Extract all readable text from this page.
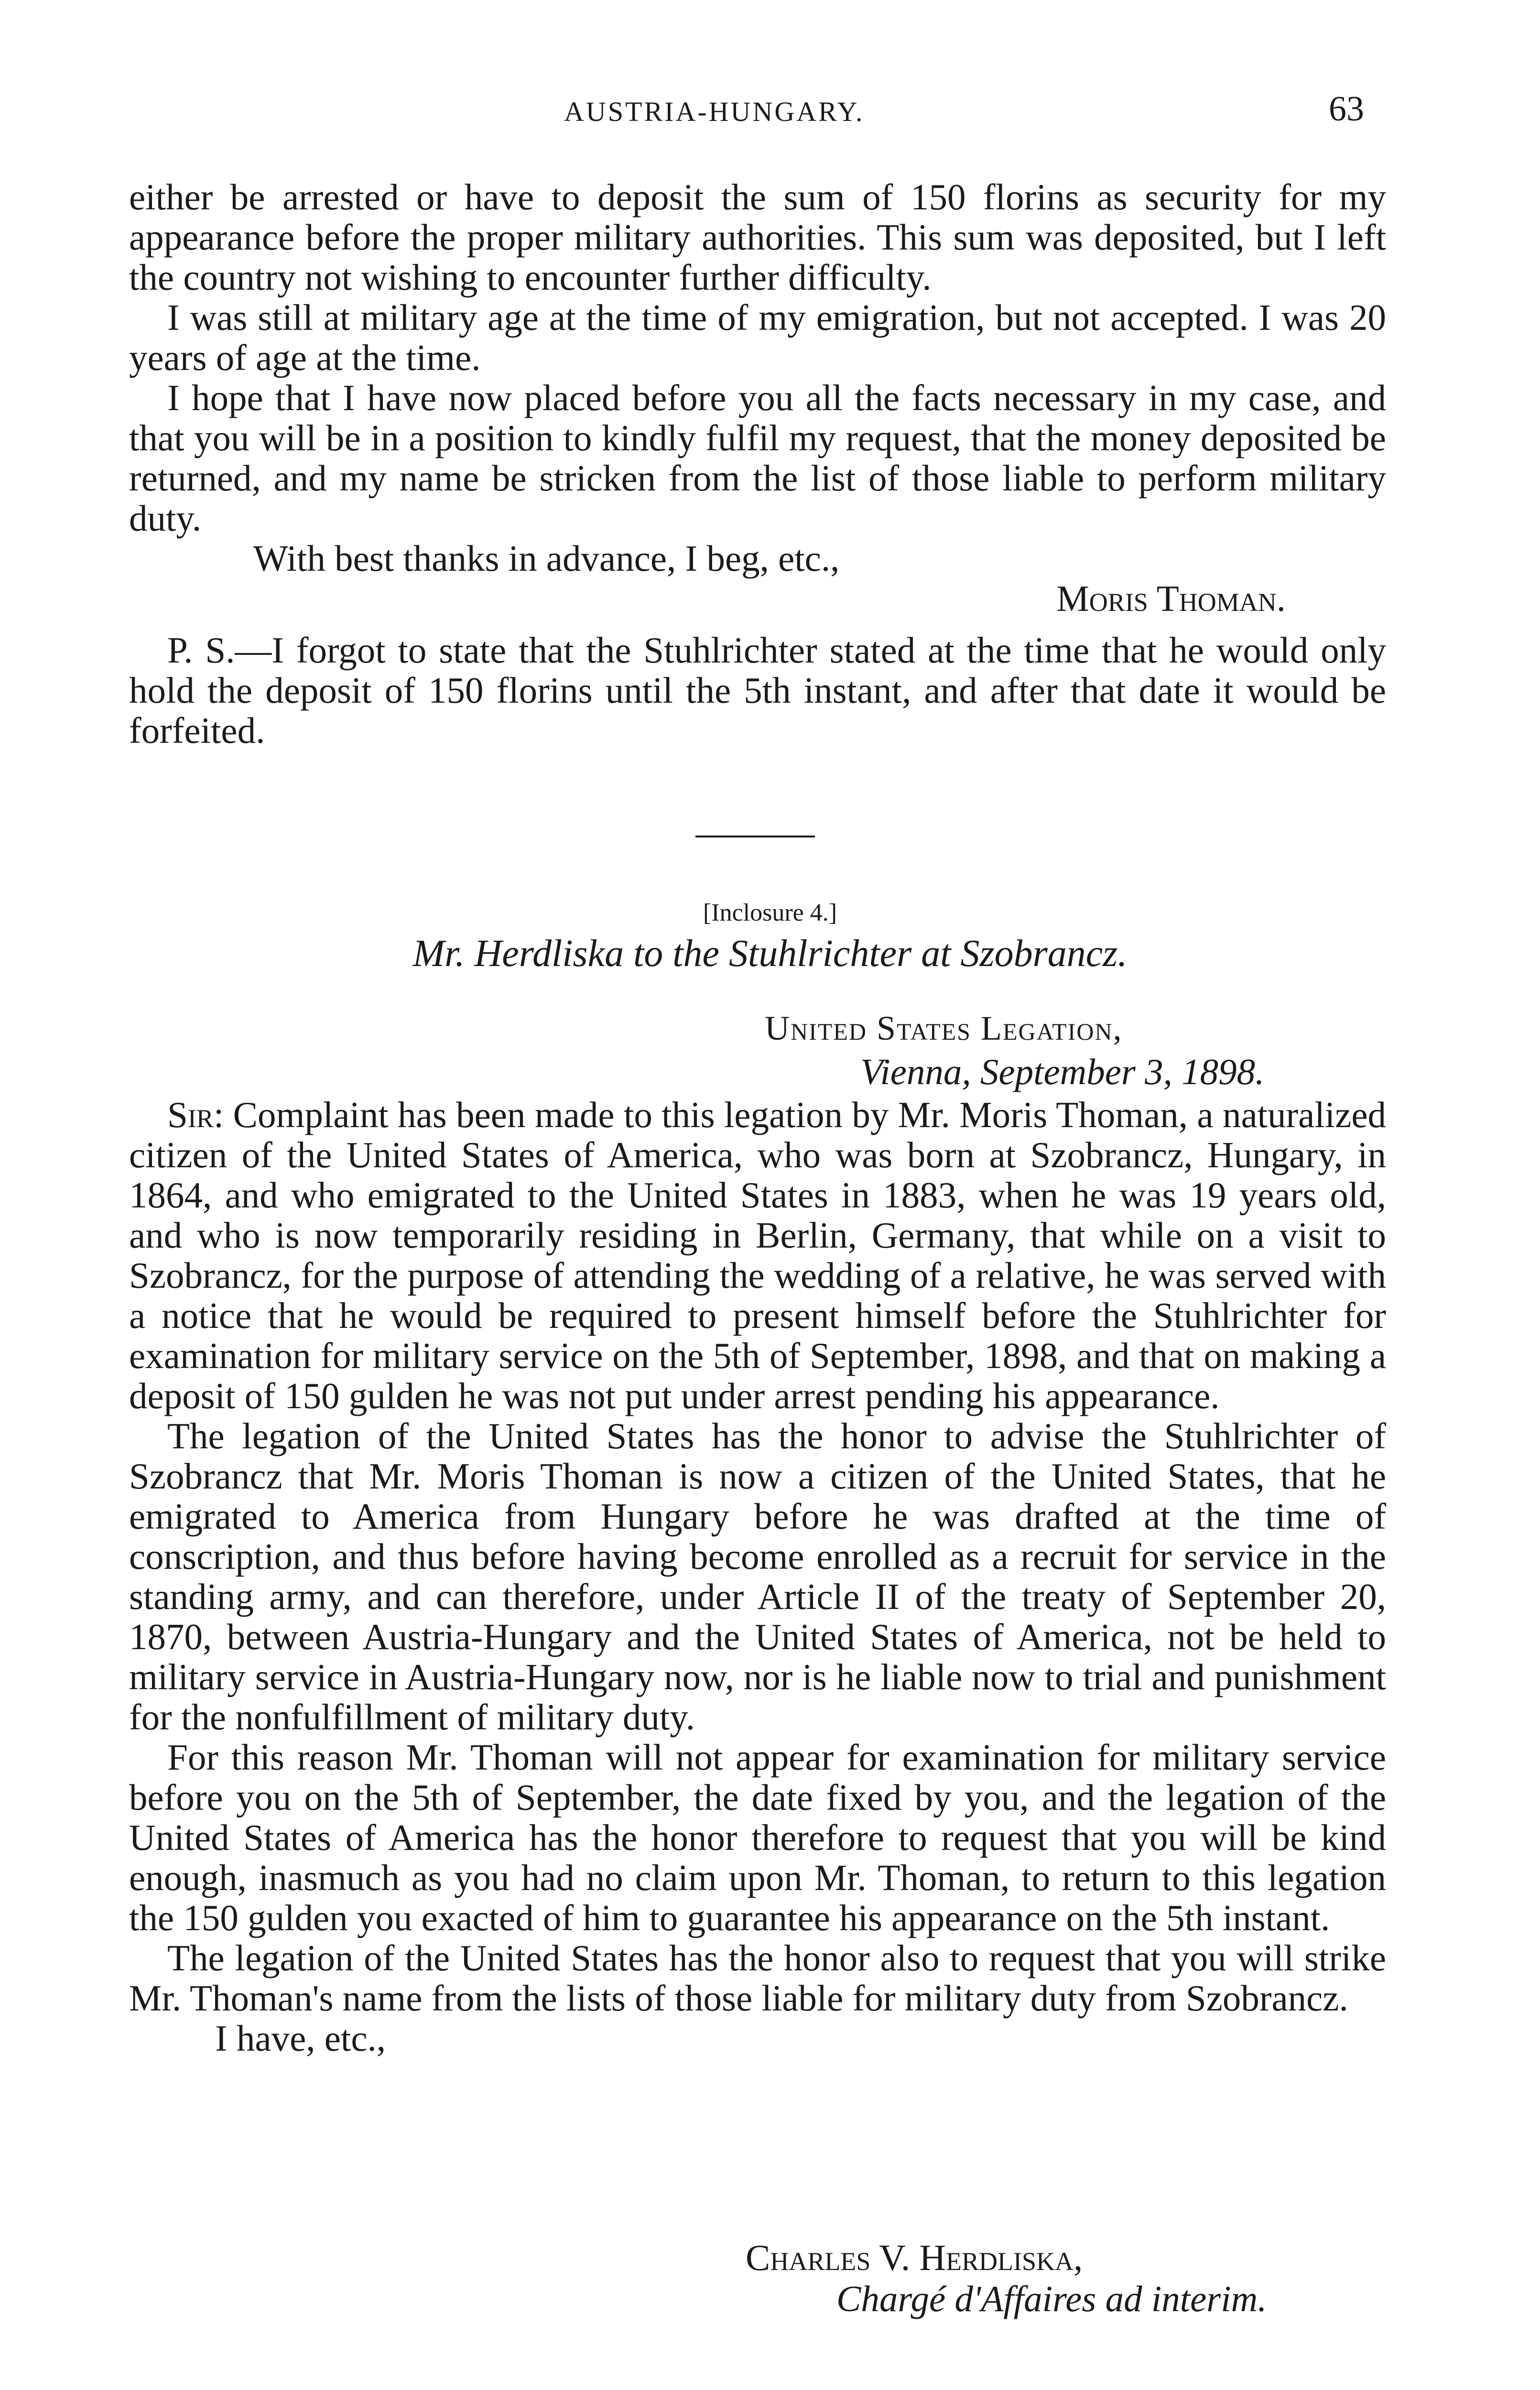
AUSTRIA-HUNGARY.	63

either be arrested or have to deposit the sum of 150 florins as security for my appearance before the proper military authorities. This sum was deposited, but I left the country not wishing to encounter further difficulty.

I was still at military age at the time of my emigration, but not accepted. I was 20 years of age at the time.

I hope that I have now placed before you all the facts necessary in my case, and that you will be in a position to kindly fulfil my request, that the money deposited be returned, and my name be stricken from the list of those liable to perform military duty.

With best thanks in advance, I beg, etc.,

Moris Thoman.

P. S.—I forgot to state that the Stuhlrichter stated at the time that he would only hold the deposit of 150 florins until the 5th instant, and after that date it would be forfeited.

[Inclosure 4.]
Mr. Herdliska to the Stuhlrichter at Szobrancz.
United States Legation,
Vienna, September 3, 1898.

Sir: Complaint has been made to this legation by Mr. Moris Thoman, a naturalized citizen of the United States of America, who was born at Szobrancz, Hungary, in 1864, and who emigrated to the United States in 1883, when he was 19 years old, and who is now temporarily residing in Berlin, Germany, that while on a visit to Szobrancz, for the purpose of attending the wedding of a relative, he was served with a notice that he would be required to present himself before the Stuhlrichter for examination for military service on the 5th of September, 1898, and that on making a deposit of 150 gulden he was not put under arrest pending his appearance.

The legation of the United States has the honor to advise the Stuhlrichter of Szobrancz that Mr. Moris Thoman is now a citizen of the United States, that he emigrated to America from Hungary before he was drafted at the time of conscription, and thus before having become enrolled as a recruit for service in the standing army, and can therefore, under Article II of the treaty of September 20, 1870, between Austria-Hungary and the United States of America, not be held to military service in Austria-Hungary now, nor is he liable now to trial and punishment for the nonfulfillment of military duty.

For this reason Mr. Thoman will not appear for examination for military service before you on the 5th of September, the date fixed by you, and the legation of the United States of America has the honor therefore to request that you will be kind enough, inasmuch as you had no claim upon Mr. Thoman, to return to this legation the 150 gulden you exacted of him to guarantee his appearance on the 5th instant.

The legation of the United States has the honor also to request that you will strike Mr. Thoman's name from the lists of those liable for military duty from Szobrancz.

I have, etc.,

Charles V. Herdliska,
Chargé d'Affaires ad interim.
